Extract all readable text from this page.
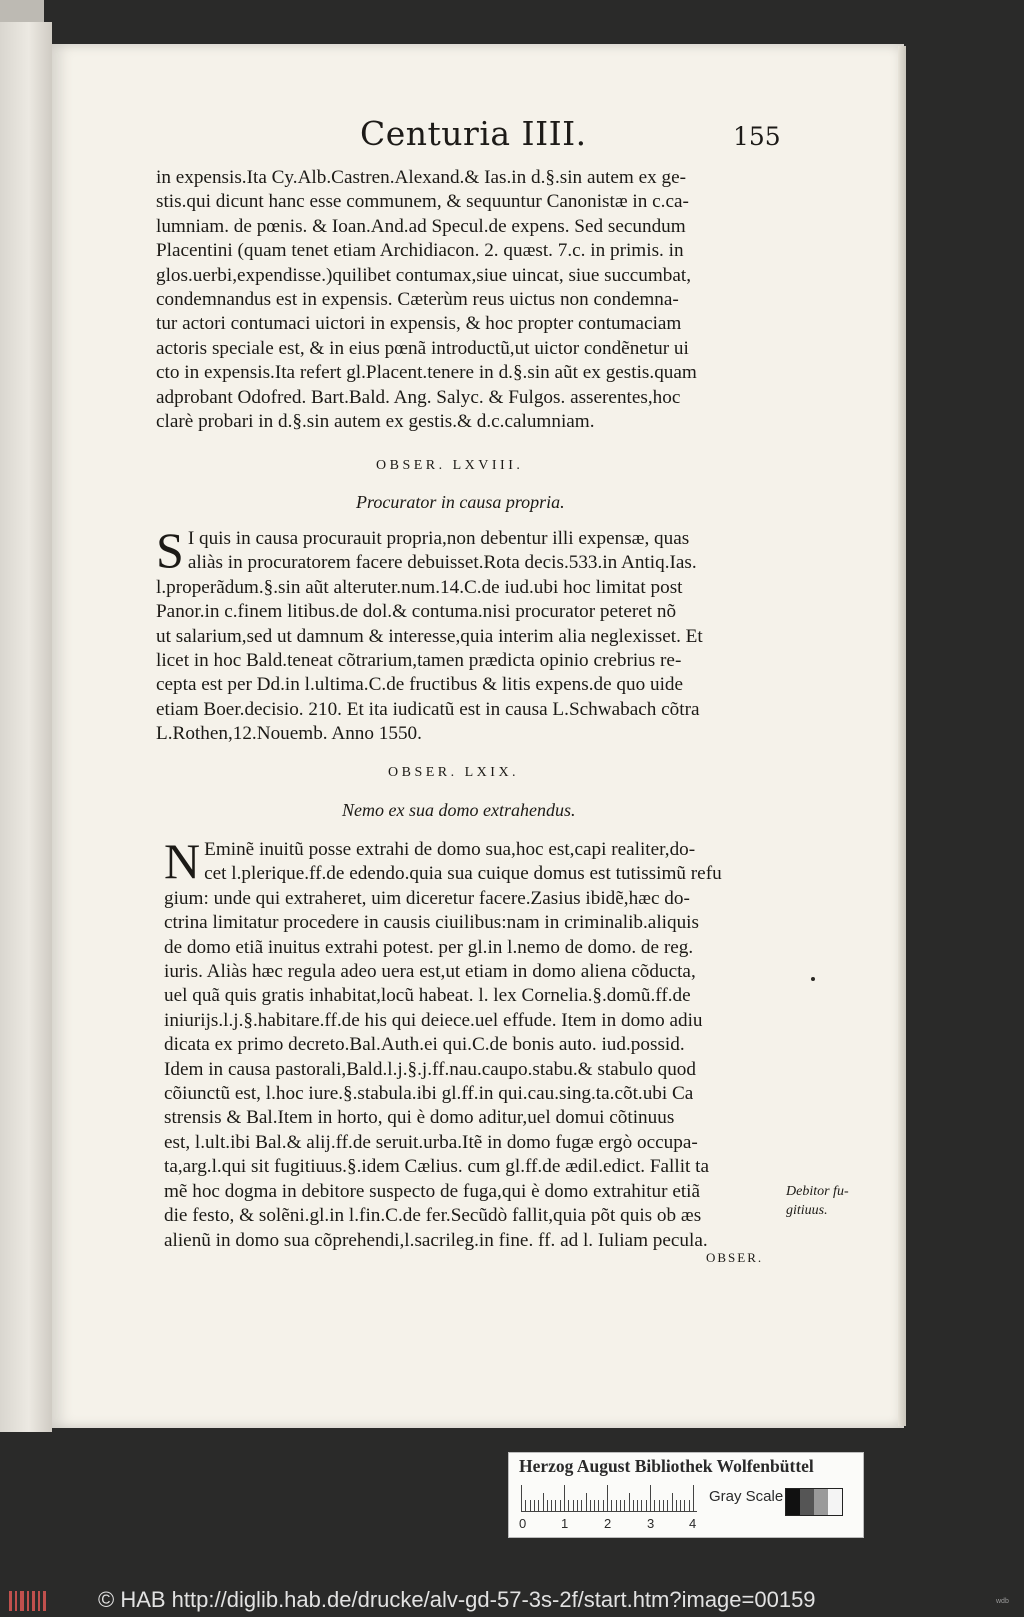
Centuria IIII.	155
in expensis.Ita Cy.Alb.Castren.Alexand.& Ias.in d.§.sin autem ex ge-
stis.qui dicunt hanc esse communem, & sequuntur Canonistæ in c.ca-
lumniam. de pœnis. & Ioan.And.ad Specul.de expens. Sed secundum
Placentini (quam tenet etiam Archidiacon. 2. quæst. 7.c. in primis. in
glos.uerbi,expendisse.)quilibet contumax,siue uincat, siue succumbat,
condemnandus est in expensis. Cæterùm reus uictus non condemna-
tur actori contumaci uictori in expensis, & hoc propter contumaciam
actoris speciale est, & in eius pœnã introductũ,ut uictor condẽnetur ui
cto in expensis.Ita refert gl.Placent.tenere in d.§.sin aũt ex gestis.quam
adprobant Odofred. Bart.Bald. Ang. Salyc. & Fulgos. asserentes,hoc
clarè probari in d.§.sin autem ex gestis.& d.c.calumniam.
OBSER. LXVIII.
Procurator in causa propria.
S I quis in causa procurauit propria,non debentur illi expensæ, quas
aliàs in procuratorem facere debuisset.Rota decis.533.in Antiq.Ias.
l.properãdum.§.sin aũt alteruter.num.14.C.de iud.ubi hoc limitat post
Panor.in c.finem litibus.de dol.& contuma.nisi procurator peteret nõ
ut salarium,sed ut damnum & interesse,quia interim alia neglexisset. Et
licet in hoc Bald.teneat cõtrarium,tamen prædicta opinio crebrius re-
cepta est per Dd.in l.ultima.C.de fructibus & litis expens.de quo uide
etiam Boer.decisio. 210. Et ita iudicatũ est in causa L.Schwabach cõtra
L.Rothen,12.Nouemb. Anno 1550.
OBSER. LXIX.
Nemo ex sua domo extrahendus.
N Eminẽ inuitũ posse extrahi de domo sua,hoc est,capi realiter,do-
cet l.plerique.ff.de edendo.quia sua cuique domus est tutissimũ refu
gium: unde qui extraheret, uim diceretur facere.Zasius ibidẽ,hæc do-
ctrina limitatur procedere in causis ciuilibus:nam in criminalib.aliquis
de domo etiã inuitus extrahi potest. per gl.in l.nemo de domo. de reg.
iuris. Aliàs hæc regula adeo uera est,ut etiam in domo aliena cõducta,
uel quã quis gratis inhabitat,locũ habeat. l. lex Cornelia.§.domũ.ff.de
iniurijs.l.j.§.habitare.ff.de his qui deiece.uel effude. Item in domo adiu
dicata ex primo decreto.Bal.Auth.ei qui.C.de bonis auto. iud.possid.
Idem in causa pastorali,Bald.l.j.§.j.ff.nau.caupo.stabu.& stabulo quod
cõiunctũ est, l.hoc iure.§.stabula.ibi gl.ff.in qui.cau.sing.ta.cõt.ubi Ca
strensis & Bal.Item in horto, qui è domo aditur,uel domui cõtinuus
est, l.ult.ibi Bal.& alij.ff.de seruit.urba.Itẽ in domo fugæ ergò occupa-
ta,arg.l.qui sit fugitiuus.§.idem Cælius. cum gl.ff.de ædil.edict. Fallit ta
mẽ hoc dogma in debitore suspecto de fuga,qui è domo extrahitur etiã
die festo, & solẽni.gl.in l.fin.C.de fer.Secũdò fallit,quia põt quis ob æs
alienũ in domo sua cõprehendi,l.sacrileg.in fine. ff. ad l. Iuliam pecula.
Debitor fu-gitiuus.
OBSER.
Herzog August Bibliothek Wolfenbüttel
0	1	2	3	4
Gray Scale
© HAB http://diglib.hab.de/drucke/alv-gd-57-3s-2f/start.htm?image=00159	wdb
